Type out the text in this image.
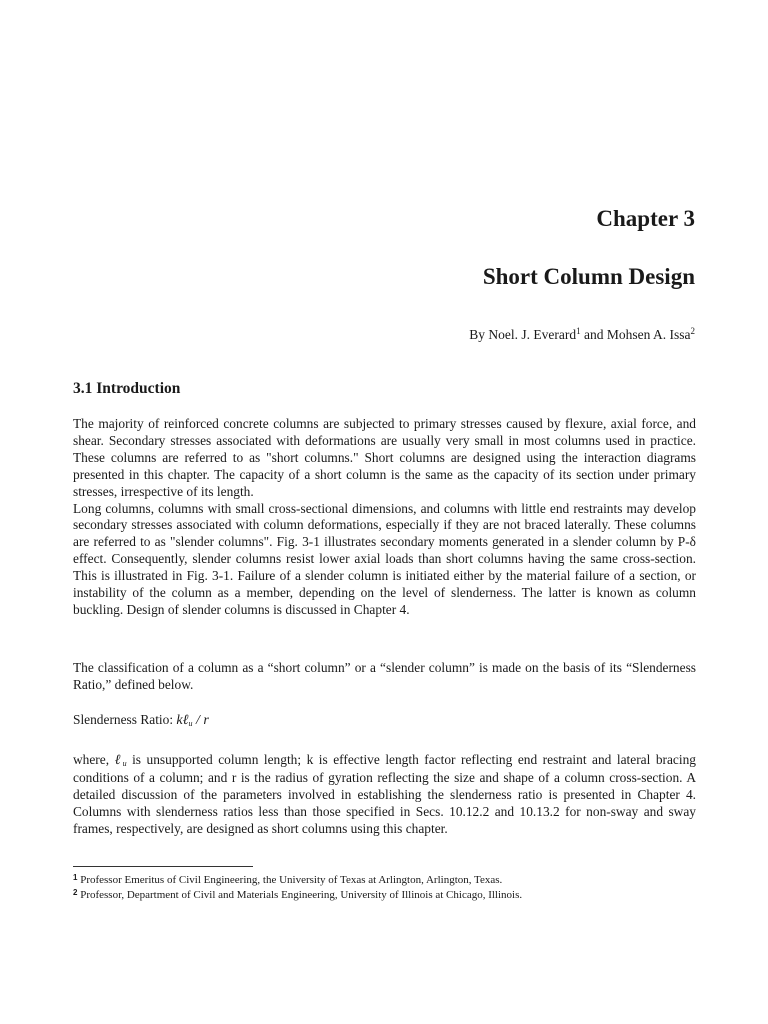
Chapter 3
Short Column Design
By Noel. J. Everard$^1$ and Mohsen A. Issa$^2$
3.1 Introduction
The majority of reinforced concrete columns are subjected to primary stresses caused by flexure, axial force, and shear. Secondary stresses associated with deformations are usually very small in most columns used in practice. These columns are referred to as "short columns." Short columns are designed using the interaction diagrams presented in this chapter. The capacity of a short column is the same as the capacity of its section under primary stresses, irrespective of its length.
Long columns, columns with small cross-sectional dimensions, and columns with little end restraints may develop secondary stresses associated with column deformations, especially if they are not braced laterally. These columns are referred to as "slender columns". Fig. 3-1 illustrates secondary moments generated in a slender column by P-δ effect. Consequently, slender columns resist lower axial loads than short columns having the same cross-section. This is illustrated in Fig. 3-1. Failure of a slender column is initiated either by the material failure of a section, or instability of the column as a member, depending on the level of slenderness. The latter is known as column buckling. Design of slender columns is discussed in Chapter 4.
The classification of a column as a “short column” or a “slender column” is made on the basis of its “Slenderness Ratio,” defined below.
Slenderness Ratio: kℓ$_u$ / r
where, ℓ$_u$ is unsupported column length; k is effective length factor reflecting end restraint and lateral bracing conditions of a column; and r is the radius of gyration reflecting the size and shape of a column cross-section. A detailed discussion of the parameters involved in establishing the slenderness ratio is presented in Chapter 4. Columns with slenderness ratios less than those specified in Secs. 10.12.2 and 10.13.2 for non-sway and sway frames, respectively, are designed as short columns using this chapter.
$^1$ Professor Emeritus of Civil Engineering, the University of Texas at Arlington, Arlington, Texas.
$^2$ Professor, Department of Civil and Materials Engineering, University of Illinois at Chicago, Illinois.
